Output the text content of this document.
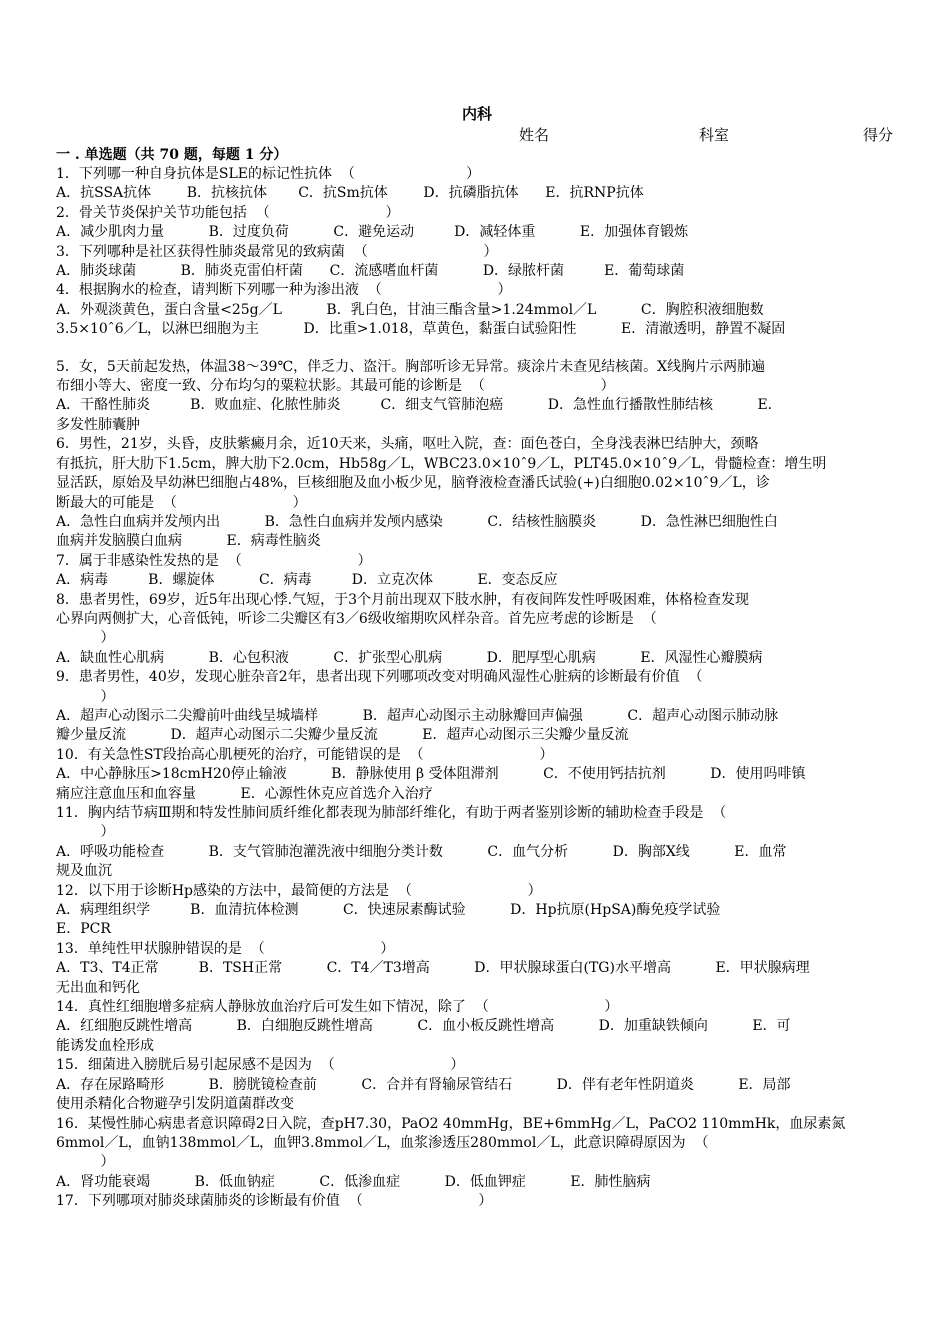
内科
姓名	科室	得分
一 . 单选题（共 70 题，每题 1 分）
1．下列哪一种自身抗体是SLE的标记性抗体  （                         ）
A．抗SSA抗体        B．抗核抗体       C．抗Sm抗体        D．抗磷脂抗体      E．抗RNP抗体
2．骨关节炎保护关节功能包括  （                          ）
A．减少肌肉力量          B．过度负荷          C．避免运动         D．减轻体重          E．加强体育锻炼
3．下列哪种是社区获得性肺炎最常见的致病菌  （                          ）
A．肺炎球菌          B．肺炎克雷伯杆菌      C．流感嗜血杆菌          D．绿脓杆菌         E．葡萄球菌
4．根据胸水的检查，请判断下列哪一种为渗出液  （                          ）
A．外观淡黄色，蛋白含量<25g／L          B．乳白色，甘油三酯含量>1.24mmol／L          C．胸腔积液细胞数
3.5×10ˆ6／L，以淋巴细胞为主          D．比重>1.018，草黄色，黏蛋白试验阳性          E．清澈透明，静置不凝固
5．女，5天前起发热，体温38～39℃，伴乏力、盗汗。胸部听诊无异常。痰涂片未查见结核菌。X线胸片示两肺遍
布细小等大、密度一致、分布均匀的粟粒状影。其最可能的诊断是  （                          ）
A．干酪性肺炎         B．败血症、化脓性肺炎         C．细支气管肺泡癌          D．急性血行播散性肺结核          E．
多发性肺囊肿
6．男性，21岁，头昏，皮肤紫癜月余，近10天来，头痛，呕吐入院，查：面色苍白，全身浅表淋巴结肿大，颈略
有抵抗，肝大肋下1.5cm，脾大肋下2.0cm，Hb58g／L，WBC23.0×10ˆ9／L，PLT45.0×10ˆ9／L，骨髓检查：增生明
显活跃，原始及早幼淋巴细胞占48%，巨核细胞及血小板少见，脑脊液检查潘氏试验(+)白细胞0.02×10ˆ9／L，诊
断最大的可能是  （                          ）
A．急性白血病并发颅内出          B．急性白血病并发颅内感染          C．结核性脑膜炎          D．急性淋巴细胞性白
血病并发脑膜白血病          E．病毒性脑炎
7．属于非感染性发热的是  （                          ）
A．病毒         B．螺旋体          C．病毒         D．立克次体          E．变态反应
8．患者男性，69岁，近5年出现心悸.气短，于3个月前出现双下肢水肿，有夜间阵发性呼吸困难，体格检查发现
心界向两侧扩大，心音低钝，听诊二尖瓣区有3／6级收缩期吹风样杂音。首先应考虑的诊断是  （
）
A．缺血性心肌病          B．心包积液          C．扩张型心肌病          D．肥厚型心肌病          E．风湿性心瓣膜病
9．患者男性，40岁，发现心脏杂音2年，患者出现下列哪项改变对明确风湿性心脏病的诊断最有价值  （
）
A．超声心动图示二尖瓣前叶曲线呈城墙样          B．超声心动图示主动脉瓣回声偏强          C．超声心动图示肺动脉
瓣少量反流          D．超声心动图示二尖瓣少量反流          E．超声心动图示三尖瓣少量反流
10．有关急性ST段抬高心肌梗死的治疗，可能错误的是  （                          ）
A．中心静脉压>18cmH20停止输液          B．静脉使用 β 受体阻滞剂          C．不使用钙拮抗剂          D．使用吗啡镇
痛应注意血压和血容量          E．心源性休克应首选介入治疗
11．胸内结节病Ⅲ期和特发性肺间质纤维化都表现为肺部纤维化，有助于两者鉴别诊断的辅助检查手段是  （
）
A．呼吸功能检查          B．支气管肺泡灌洗液中细胞分类计数          C．血气分析          D．胸部X线          E．血常
规及血沉
12．以下用于诊断Hp感染的方法中，最简便的方法是  （                          ）
A．病理组织学         B．血清抗体检测          C．快速尿素酶试验          D．Hp抗原(HpSA)酶免疫学试验
E．PCR
13．单纯性甲状腺肿错误的是  （                          ）
A．T3、T4正常         B．TSH正常          C．T4／T3增高          D．甲状腺球蛋白(TG)水平增高          E．甲状腺病理
无出血和钙化
14．真性红细胞增多症病人静脉放血治疗后可发生如下情况，除了  （                          ）
A．红细胞反跳性增高          B．白细胞反跳性增高          C．血小板反跳性增高          D．加重缺铁倾向          E．可
能诱发血栓形成
15．细菌进入膀胱后易引起尿感不是因为  （                          ）
A．存在尿路畸形          B．膀胱镜检查前          C．合并有肾输尿管结石          D．伴有老年性阴道炎          E．局部
使用杀精化合物避孕引发阴道菌群改变
16．某慢性肺心病患者意识障碍2日入院，查pH7.30，PaO2 40mmHg，BE+6mmHg／L，PaCO2 110mmHk，血尿素氮
6mmol／L，血钠138mmol／L，血钾3.8mmol／L，血浆渗透压280mmol／L，此意识障碍原因为  （
）
A．肾功能衰竭          B．低血钠症          C．低渗血症          D．低血钾症          E．肺性脑病
17．下列哪项对肺炎球菌肺炎的诊断最有价值  （                          ）
